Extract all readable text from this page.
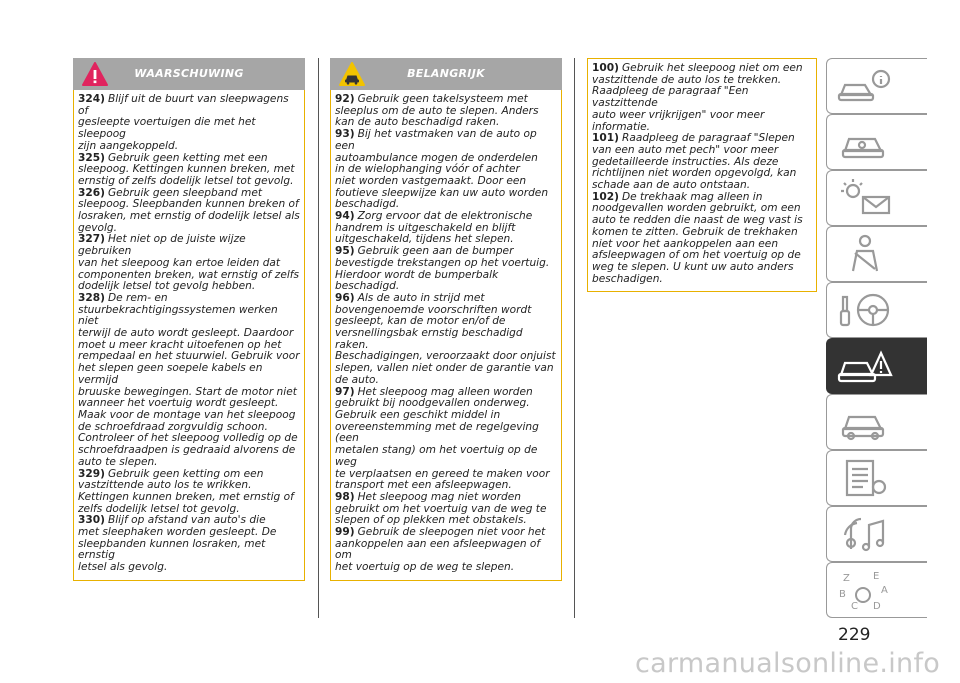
WAARSCHUWING

324) Blijf uit de buurt van sleepwagens of
gesleepte voertuigen die met het sleepoog
zijn aangekoppeld.

325) Gebruik geen ketting met een
sleepoog. Kettingen kunnen breken, met
ernstig of zelfs dodelijk letsel tot gevolg.

326) Gebruik geen sleepband met
sleepoog. Sleepbanden kunnen breken of
losraken, met ernstig of dodelijk letsel als
gevolg.

327) Het niet op de juiste wijze gebruiken
van het sleepoog kan ertoe leiden dat
componenten breken, wat ernstig of zelfs
dodelijk letsel tot gevolg hebben.

328) De rem- en
stuurbekrachtigingssystemen werken niet
terwijl de auto wordt gesleept. Daardoor
moet u meer kracht uitoefenen op het
rempedaal en het stuurwiel. Gebruik voor
het slepen geen soepele kabels en vermijd
bruuske bewegingen. Start de motor niet
wanneer het voertuig wordt gesleept.
Maak voor de montage van het sleepoog
de schroefdraad zorgvuldig schoon.
Controleer of het sleepoog volledig op de
schroefdraadpen is gedraaid alvorens de
auto te slepen.

329) Gebruik geen ketting om een
vastzittende auto los te wrikken.
Kettingen kunnen breken, met ernstig of
zelfs dodelijk letsel tot gevolg.

330) Blijf op afstand van auto's die
met sleephaken worden gesleept. De
sleepbanden kunnen losraken, met ernstig
letsel als gevolg.

BELANGRIJK

92) Gebruik geen takelsysteem met
sleeplus om de auto te slepen. Anders
kan de auto beschadigd raken.

93) Bij het vastmaken van de auto op een
autoambulance mogen de onderdelen
in de wielophanging vóór of achter
niet worden vastgemaakt. Door een
foutieve sleepwijze kan uw auto worden
beschadigd.

94) Zorg ervoor dat de elektronische
handrem is uitgeschakeld en blijft
uitgeschakeld, tijdens het slepen.

95) Gebruik geen aan de bumper
bevestigde trekstangen op het voertuig.
Hierdoor wordt de bumperbalk
beschadigd.

96) Als de auto in strijd met
bovengenoemde voorschriften wordt
gesleept, kan de motor en/of de
versnellingsbak ernstig beschadigd raken.
Beschadigingen, veroorzaakt door onjuist
slepen, vallen niet onder de garantie van
de auto.

97) Het sleepoog mag alleen worden
gebruikt bij noodgevallen onderweg.
Gebruik een geschikt middel in
overeenstemming met de regelgeving (een
metalen stang) om het voertuig op de weg
te verplaatsen en gereed te maken voor
transport met een afsleepwagen.

98) Het sleepoog mag niet worden
gebruikt om het voertuig van de weg te
slepen of op plekken met obstakels.

99) Gebruik de sleepogen niet voor het
aankoppelen aan een afsleepwagen of om
het voertuig op de weg te slepen.

100) Gebruik het sleepoog niet om een
vastzittende de auto los te trekken.
Raadpleeg de paragraaf "Een vastzittende
auto weer vrijkrijgen" voor meer
informatie.

101) Raadpleeg de paragraaf "Slepen
van een auto met pech" voor meer
gedetailleerde instructies. Als deze
richtlijnen niet worden opgevolgd, kan
schade aan de auto ontstaan.

102) De trekhaak mag alleen in
noodgevallen worden gebruikt, om een
auto te redden die naast de weg vast is
komen te zitten. Gebruik de trekhaken
niet voor het aankoppelen aan een
afsleepwagen of om het voertuig op de
weg te slepen. U kunt uw auto anders
beschadigen.

Z E
B	A
C D
229
carmanualsonline.info
